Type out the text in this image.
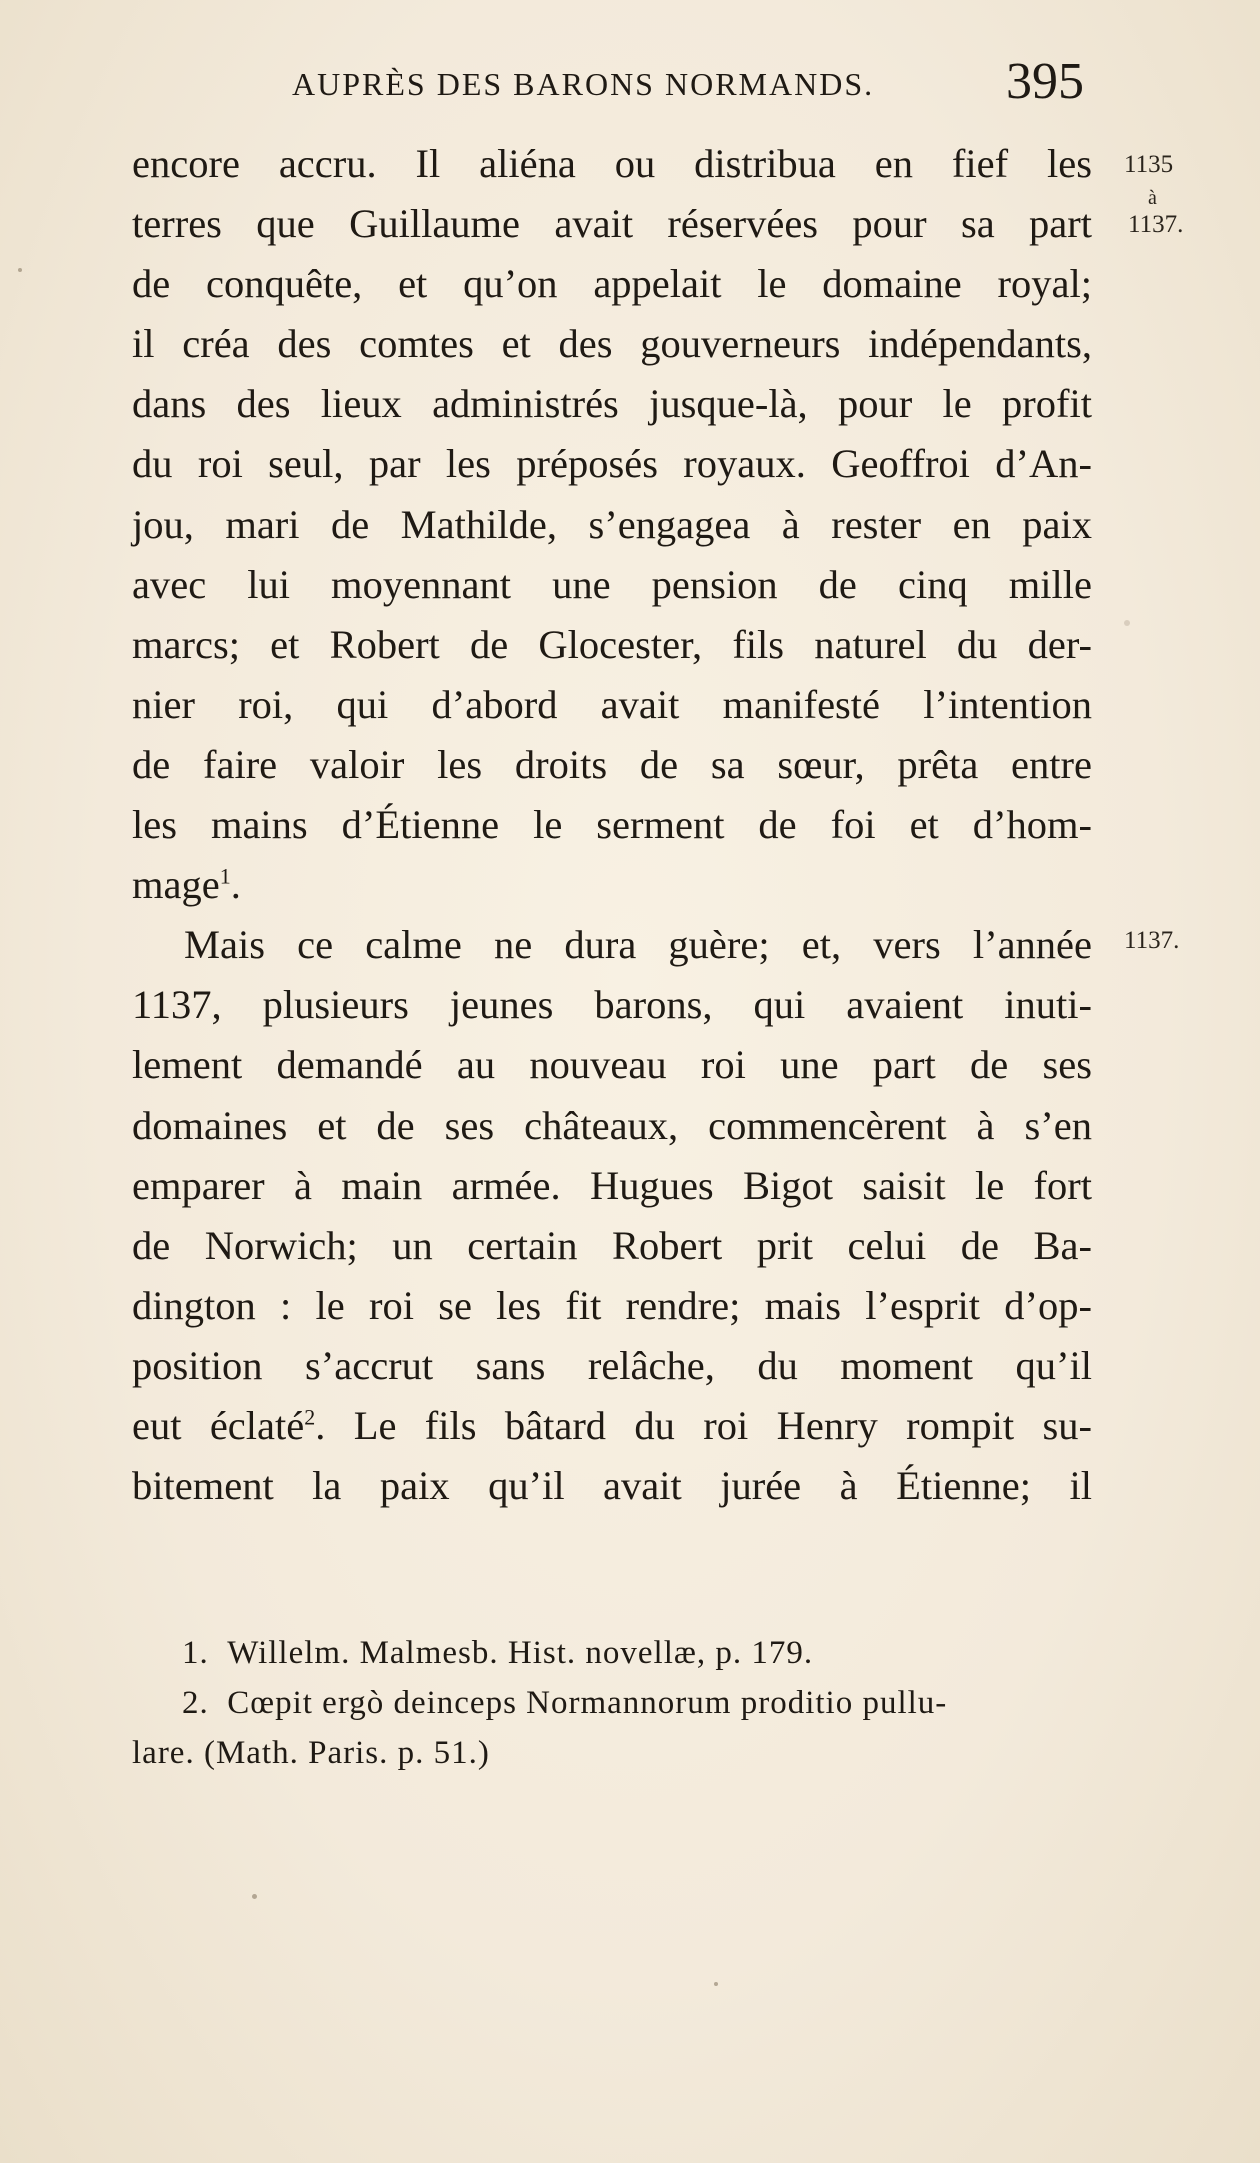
AUPRÈS DES BARONS NORMANDS.	395
encore accru. Il aliéna ou distribua en fief les
terres que Guillaume avait réservées pour sa part
de conquête, et qu’on appelait le domaine royal;
il créa des comtes et des gouverneurs indépendants,
dans des lieux administrés jusque-là, pour le profit
du roi seul, par les préposés royaux. Geoffroi d’An-
jou, mari de Mathilde, s’engagea à rester en paix
avec lui moyennant une pension de cinq mille
marcs; et Robert de Glocester, fils naturel du der-
nier roi, qui d’abord avait manifesté l’intention
de faire valoir les droits de sa sœur, prêta entre
les mains d’Étienne le serment de foi et d’hom-
mage$^1$.
Mais ce calme ne dura guère; et, vers l’année
1137, plusieurs jeunes barons, qui avaient inuti-
lement demandé au nouveau roi une part de ses
domaines et de ses châteaux, commencèrent à s’en
emparer à main armée. Hugues Bigot saisit le fort
de Norwich; un certain Robert prit celui de Ba-
dington : le roi se les fit rendre; mais l’esprit d’op-
position s’accrut sans relâche, du moment qu’il
eut éclaté$^2$. Le fils bâtard du roi Henry rompit su-
bitement la paix qu’il avait jurée à Étienne; il
1135
à
1137.
1137.
1. Willelm. Malmesb. Hist. novellæ, p. 179.
2. Cœpit ergò deinceps Normannorum proditio pullu-
lare. (Math. Paris. p. 51.)
